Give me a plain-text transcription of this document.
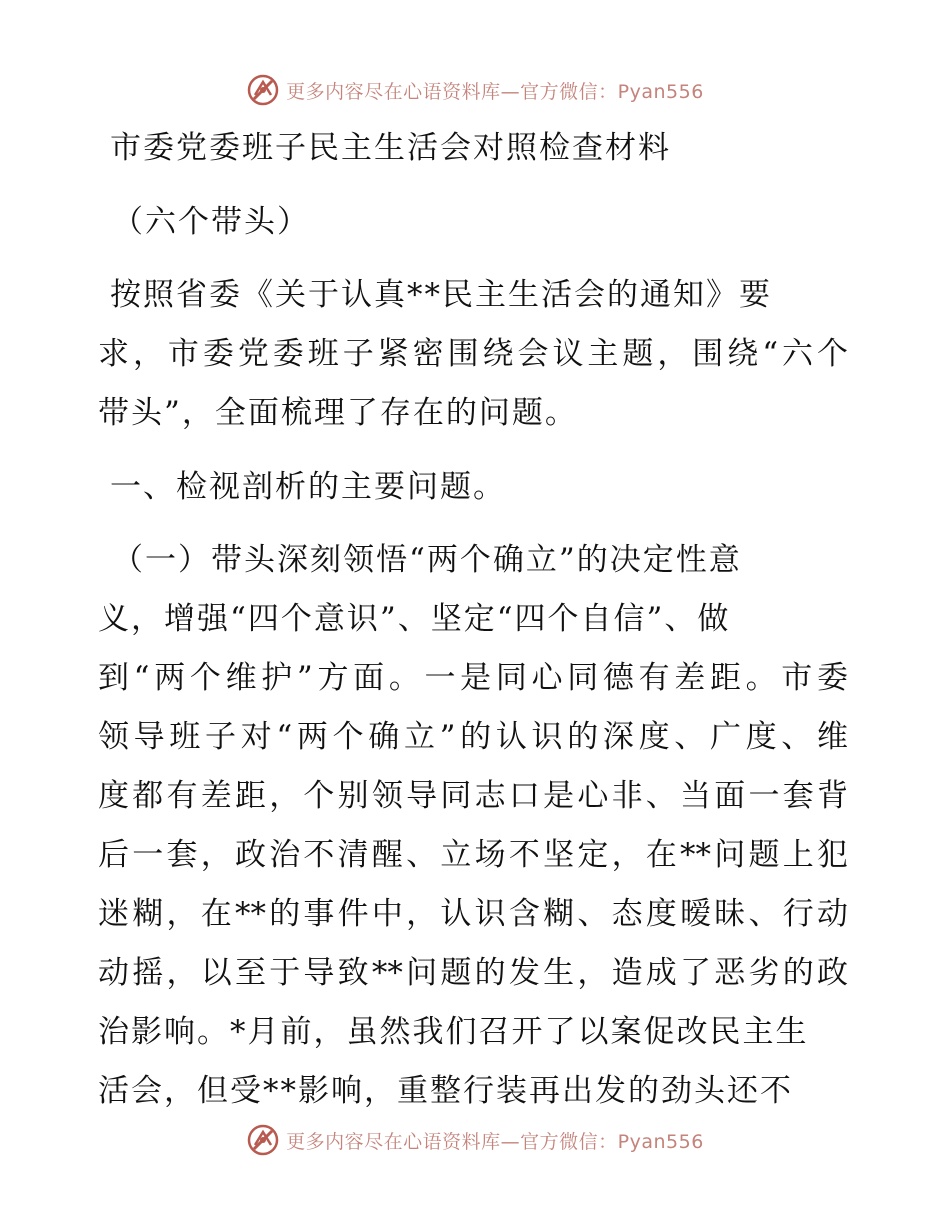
更多内容尽在心语资料库—官方微信：Pyan556
市委党委班子民主生活会对照检查材料
（六个带头）
按照省委《关于认真**民主生活会的通知》要
求，市委党委班子紧密围绕会议主题，围绕“六个
带头”，全面梳理了存在的问题。
一、检视剖析的主要问题。
（一）带头深刻领悟“两个确立”的决定性意
义，增强“四个意识”、坚定“四个自信”、做
到“两个维护”方面。一是同心同德有差距。市委
领导班子对“两个确立”的认识的深度、广度、维
度都有差距，个别领导同志口是心非、当面一套背
后一套，政治不清醒、立场不坚定，在**问题上犯
迷糊，在**的事件中，认识含糊、态度暧昧、行动
动摇，以至于导致**问题的发生，造成了恶劣的政
治影响。*月前，虽然我们召开了以案促改民主生
活会，但受**影响，重整行装再出发的劲头还不
更多内容尽在心语资料库—官方微信：Pyan556
